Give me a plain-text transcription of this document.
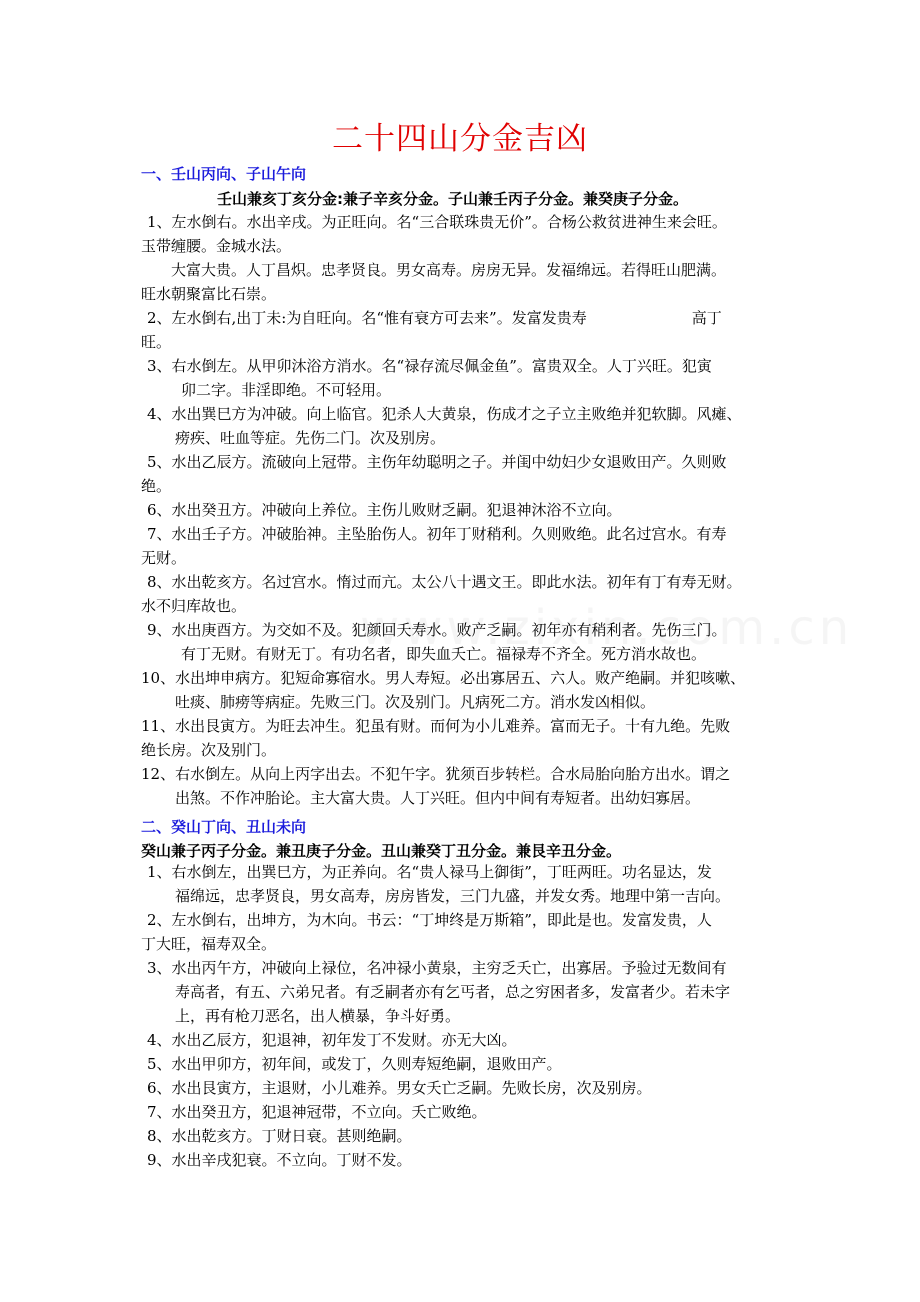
二十四山分金吉凶
一、壬山丙向、子山午向
壬山兼亥丁亥分金:兼子辛亥分金。子山兼壬丙子分金。兼癸庚子分金。
1、左水倒右。水出辛戌。为正旺向。名“三合联珠贵无价”。合杨公救贫进神生来会旺。
玉带缠腰。金城水法。
大富大贵。人丁昌炽。忠孝贤良。男女高寿。房房无异。发福绵远。若得旺山肥满。
旺水朝聚富比石崇。
2、左水倒右,出丁未:为自旺向。名“惟有衰方可去来”。发富发贵寿	高丁
旺。
3、右水倒左。从甲卯沐浴方消水。名“禄存流尽佩金鱼”。富贵双全。人丁兴旺。犯寅
卯二字。非淫即绝。不可轻用。
4、水出巽巳方为冲破。向上临官。犯杀人大黄泉，伤成才之子立主败绝并犯软脚。风瘫、
痨疾、吐血等症。先伤二门。次及别房。
5、水出乙辰方。流破向上冠带。主伤年幼聪明之子。并闺中幼妇少女退败田产。久则败
绝。
6、水出癸丑方。冲破向上养位。主伤儿败财乏嗣。犯退神沐浴不立向。
7、水出壬子方。冲破胎神。主坠胎伤人。初年丁财稍利。久则败绝。此名过宫水。有寿
无财。
8、水出乾亥方。名过宫水。惰过而亢。太公八十遇文王。即此水法。初年有丁有寿无财。
水不归库故也。
9、水出庚酉方。为交如不及。犯颜回夭寿水。败产乏嗣。初年亦有稍利者。先伤三门。
有丁无财。有财无丁。有功名者，即失血夭亡。福禄寿不齐全。死方消水故也。
10、水出坤申病方。犯短命寡宿水。男人寿短。必出寡居五、六人。败产绝嗣。并犯咳嗽、
吐痰、肺痨等病症。先败三门。次及别门。凡病死二方。消水发凶相似。
11、水出艮寅方。为旺去冲生。犯虽有财。而何为小儿难养。富而无子。十有九绝。先败
绝长房。次及别门。
12、右水倒左。从向上丙字出去。不犯午字。犹须百步转栏。合水局胎向胎方出水。谓之
出煞。不作冲胎论。主大富大贵。人丁兴旺。但内中间有寿短者。出幼妇寡居。
二、癸山丁向、丑山未向
癸山兼子丙子分金。兼丑庚子分金。丑山兼癸丁丑分金。兼艮辛丑分金。
1、右水倒左，出巽巳方，为正养向。名“贵人禄马上御街”，丁旺两旺。功名显达，发
福绵远，忠孝贤良，男女高寿，房房皆发，三门九盛，并发女秀。地理中第一吉向。
2、左水倒右，出坤方，为木向。书云：“丁坤终是万斯箱”，即此是也。发富发贵，人
丁大旺，福寿双全。
3、水出丙午方，冲破向上禄位，名冲禄小黄泉，主穷乏夭亡，出寡居。予验过无数间有
寿高者，有五、六弟兄者。有乏嗣者亦有乞丐者，总之穷困者多，发富者少。若未字
上，再有枪刀恶名，出人横暴，争斗好勇。
4、水出乙辰方，犯退神，初年发丁不发财。亦无大凶。
5、水出甲卯方，初年间，或发丁，久则寿短绝嗣，退败田产。
6、水出艮寅方，主退财，小儿难养。男女夭亡乏嗣。先败长房，次及别房。
7、水出癸丑方，犯退神冠带，不立向。夭亡败绝。
8、水出乾亥方。丁财日衰。甚则绝嗣。
9、水出辛戌犯衰。不立向。丁财不发。
